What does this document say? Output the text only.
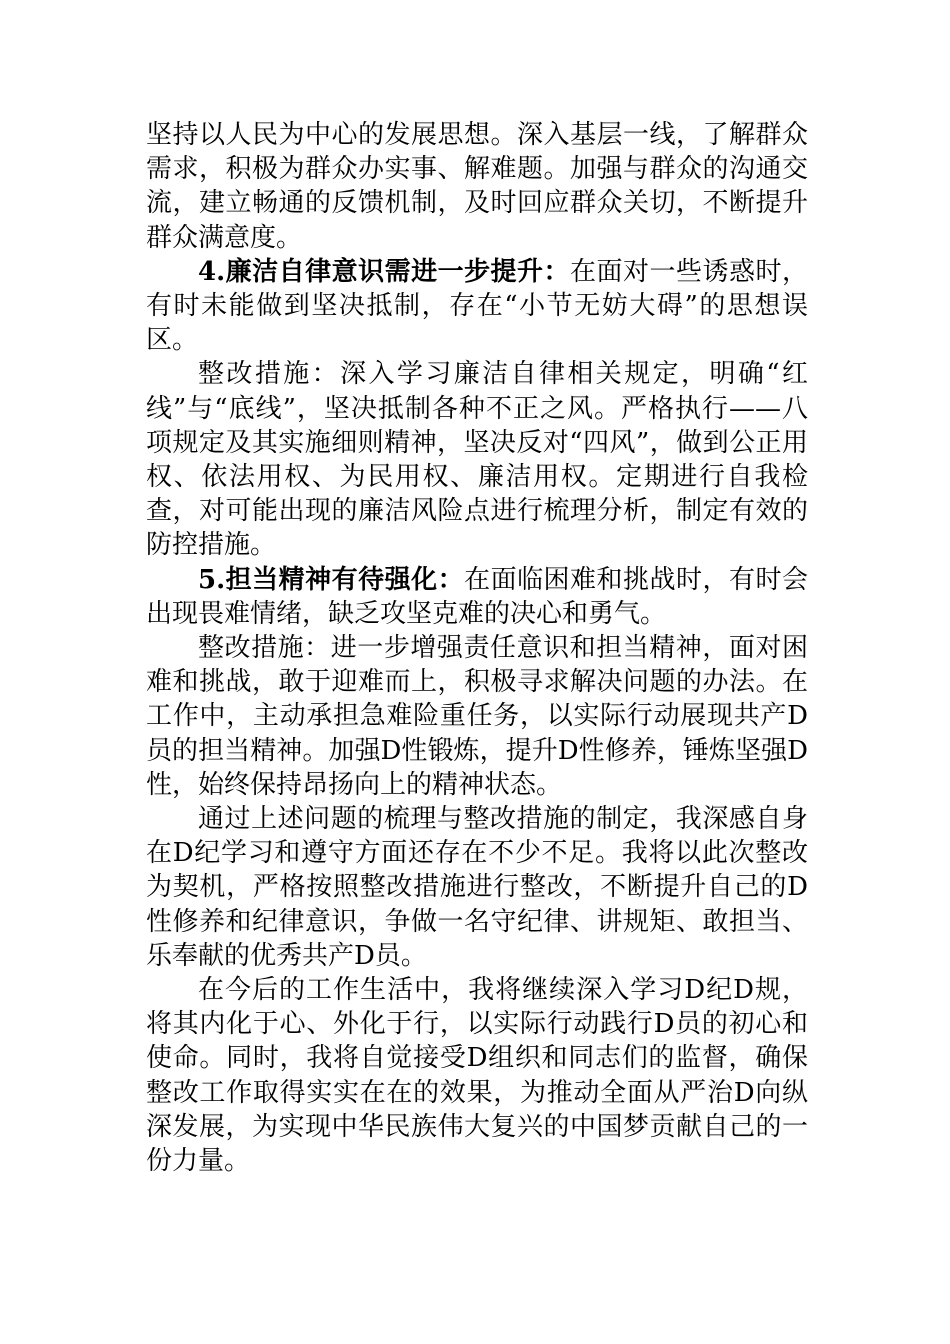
坚持以人民为中心的发展思想。深入基层一线，了解群众需求，积极为群众办实事、解难题。加强与群众的沟通交流，建立畅通的反馈机制，及时回应群众关切，不断提升群众满意度。

4.廉洁自律意识需进一步提升：在面对一些诱惑时，有时未能做到坚决抵制，存在“小节无妨大碍”的思想误区。

整改措施：深入学习廉洁自律相关规定，明确“红线”与“底线”，坚决抵制各种不正之风。严格执行——八项规定及其实施细则精神，坚决反对“四风”，做到公正用权、依法用权、为民用权、廉洁用权。定期进行自我检查，对可能出现的廉洁风险点进行梳理分析，制定有效的防控措施。

5.担当精神有待强化：在面临困难和挑战时，有时会出现畏难情绪，缺乏攻坚克难的决心和勇气。

整改措施：进一步增强责任意识和担当精神，面对困难和挑战，敢于迎难而上，积极寻求解决问题的办法。在工作中，主动承担急难险重任务，以实际行动展现共产D员的担当精神。加强D性锻炼，提升D性修养，锤炼坚强D性，始终保持昂扬向上的精神状态。

通过上述问题的梳理与整改措施的制定，我深感自身在D纪学习和遵守方面还存在不少不足。我将以此次整改为契机，严格按照整改措施进行整改，不断提升自己的D性修养和纪律意识，争做一名守纪律、讲规矩、敢担当、乐奉献的优秀共产D员。

在今后的工作生活中，我将继续深入学习D纪D规，将其内化于心、外化于行，以实际行动践行D员的初心和使命。同时，我将自觉接受D组织和同志们的监督，确保整改工作取得实实在在的效果，为推动全面从严治D向纵深发展，为实现中华民族伟大复兴的中国梦贡献自己的一份力量。
